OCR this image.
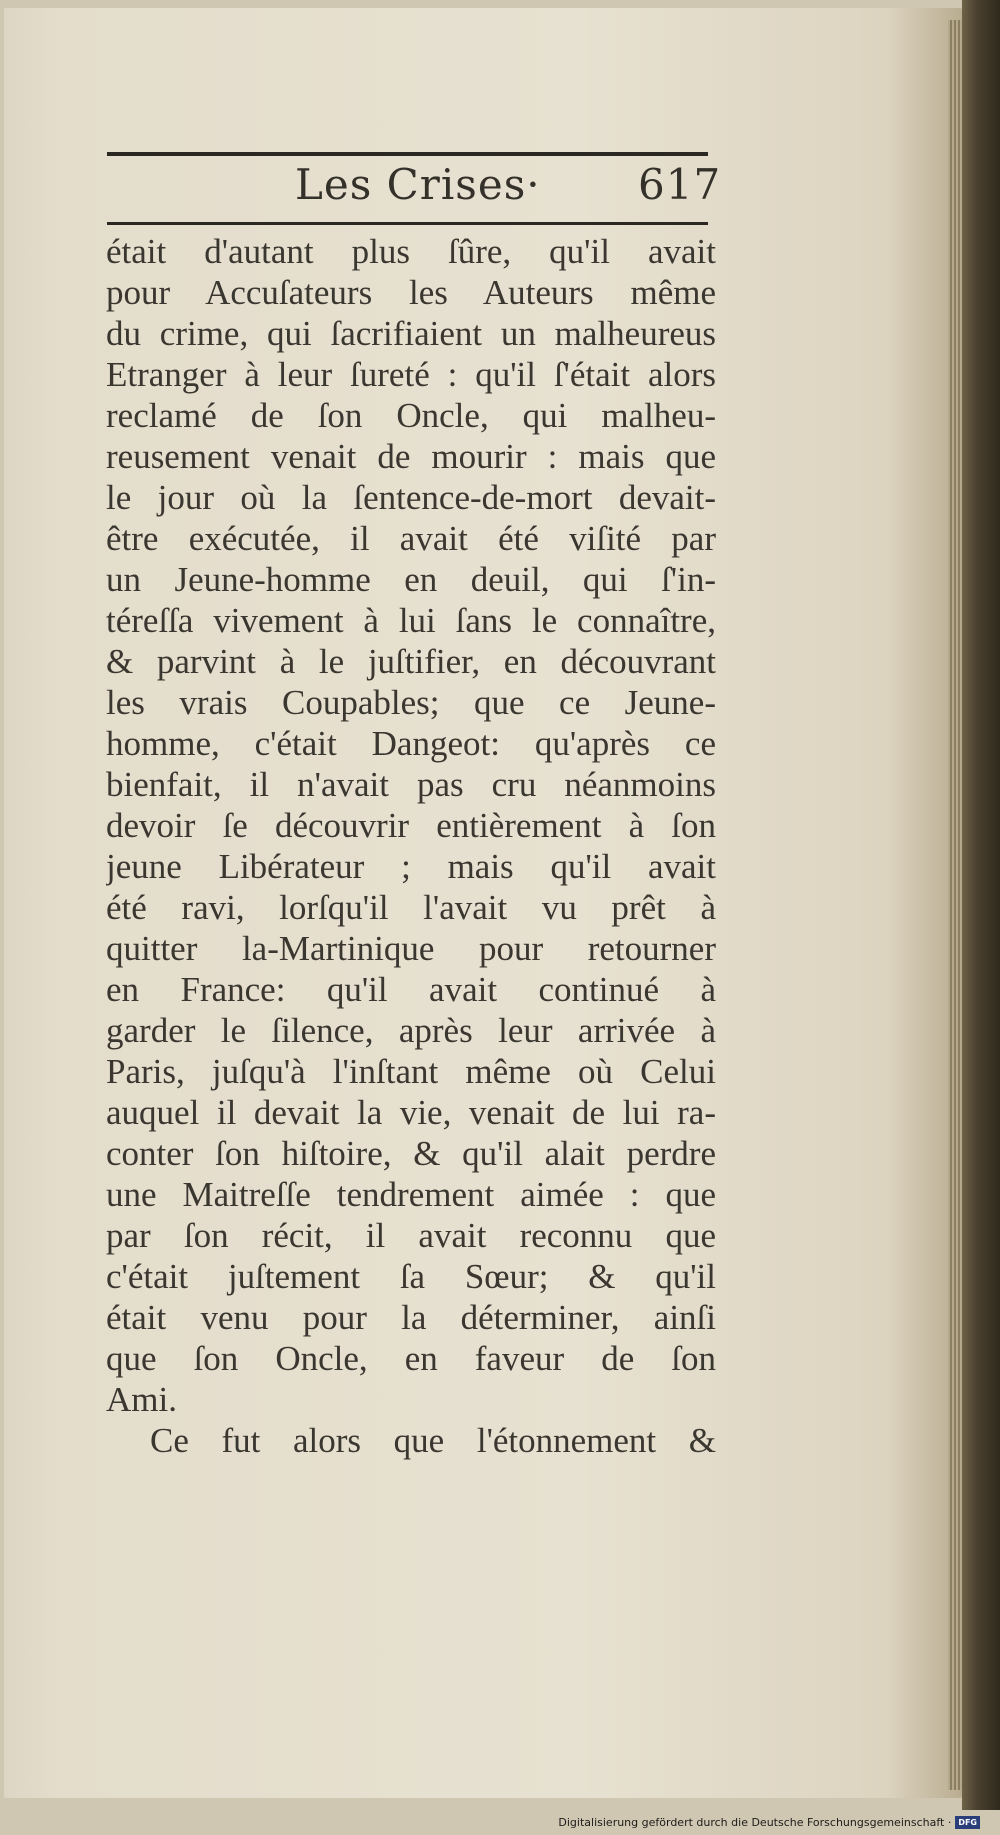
Les Crises· 617
était d'autant plus ſûre, qu'il avait
pour Accuſateurs les Auteurs même
du crime, qui ſacrifiaient un malheureus
Etranger à leur ſureté : qu'il ſ'était alors
reclamé de ſon Oncle, qui malheu-
reusement venait de mourir : mais que
le jour où la ſentence-de-mort devait-
être exécutée, il avait été viſité par
un Jeune-homme en deuil, qui ſ'in-
téreſſa vivement à lui ſans le connaître,
& parvint à le juſtifier, en découvrant
les vrais Coupables; que ce Jeune-
homme, c'était Dangeot: qu'après ce
bienfait, il n'avait pas cru néanmoins
devoir ſe découvrir entièrement à ſon
jeune Libérateur ; mais qu'il avait
été ravi, lorſqu'il l'avait vu prêt à
quitter la-Martinique pour retourner
en France: qu'il avait continué à
garder le ſilence, après leur arrivée à
Paris, juſqu'à l'inſtant même où Celui
auquel il devait la vie, venait de lui ra-
conter ſon hiſtoire, & qu'il alait perdre
une Maitreſſe tendrement aimée : que
par ſon récit, il avait reconnu que
c'était juſtement ſa Sœur; & qu'il
était venu pour la déterminer, ainſi
que ſon Oncle, en faveur de ſon
Ami.
Ce fut alors que l'étonnement &
Digitalisierung gefördert durch die Deutsche Forschungsgemeinschaft · DFG
